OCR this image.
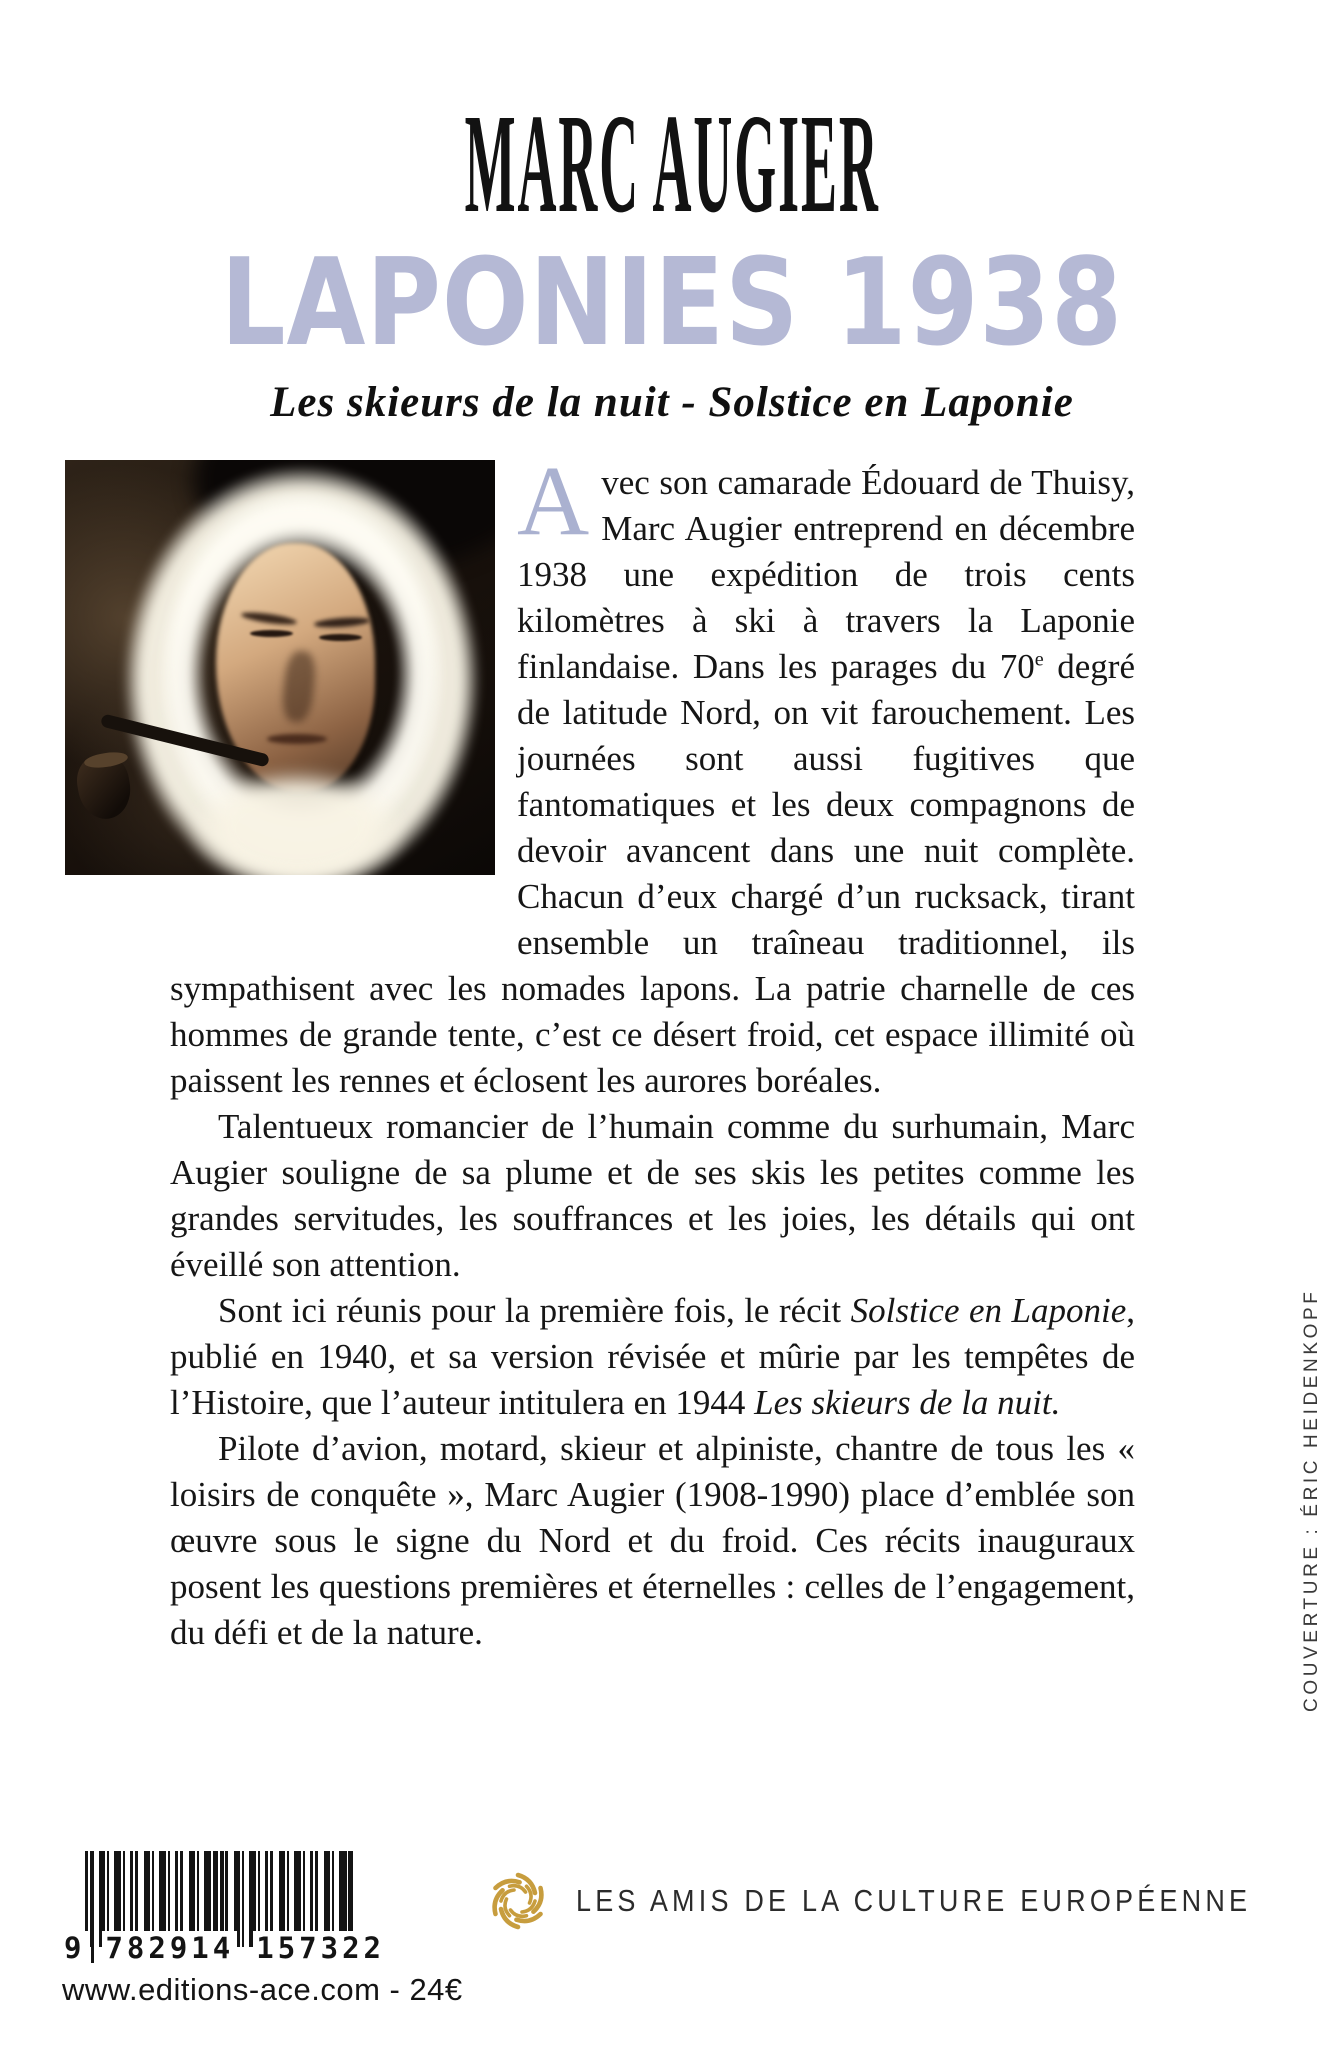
MARC AUGIER
LAPONIES 1938
Les skieurs de la nuit - Solstice en Laponie

Avec son camarade Édouard de Thuisy, Marc Augier entreprend en décembre 1938 une expédition de trois cents kilomètres à ski à travers la Laponie finlandaise. Dans les parages du 70e degré de latitude Nord, on vit farouchement. Les journées sont aussi fugitives que fantomatiques et les deux compagnons de devoir avancent dans une nuit complète. Chacun d’eux chargé d’un rucksack, tirant ensemble un traîneau traditionnel, ils sympathisent avec les nomades lapons. La patrie charnelle de ces hommes de grande tente, c’est ce désert froid, cet espace illimité où paissent les rennes et éclosent les aurores boréales.

Talentueux romancier de l’humain comme du surhumain, Marc Augier souligne de sa plume et de ses skis les petites comme les grandes servitudes, les souffrances et les joies, les détails qui ont éveillé son attention.

Sont ici réunis pour la première fois, le récit Solstice en Laponie, publié en 1940, et sa version révisée et mûrie par les tempêtes de l’Histoire, que l’auteur intitulera en 1944 Les skieurs de la nuit.

Pilote d’avion, motard, skieur et alpiniste, chantre de tous les « loisirs de conquête », Marc Augier (1908-1990) place d’emblée son œuvre sous le signe du Nord et du froid. Ces récits inauguraux posent les questions premières et éternelles : celles de l’engagement, du défi et de la nature.

9 782914 157322
www.editions-ace.com - 24€
LES AMIS DE LA CULTURE EUROPÉENNE
COUVERTURE : ÉRIC HEIDENKOPF
